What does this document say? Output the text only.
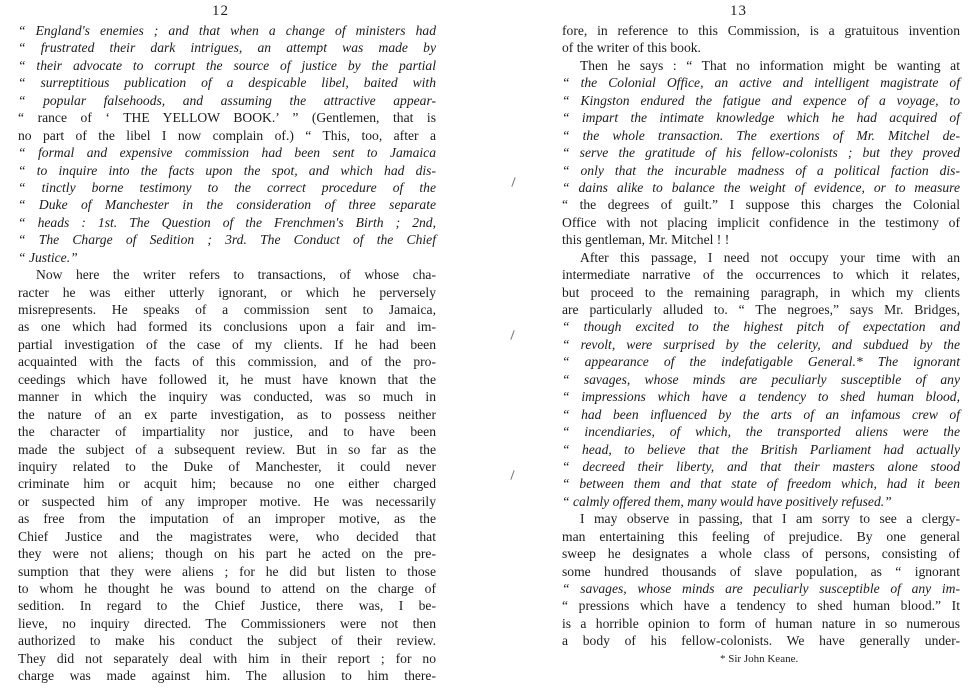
12
“ England's enemies ; and that when a change of ministers had
“ frustrated their dark intrigues, an attempt was made by
“ their advocate to corrupt the source of justice by the partial
“ surreptitious publication of a despicable libel, baited with
“ popular falsehoods, and assuming the attractive appear-
“ rance of ‘ THE YELLOW BOOK.’ ” (Gentlemen, that is
no part of the libel I now complain of.) “ This, too, after a
“ formal and expensive commission had been sent to Jamaica
“ to inquire into the facts upon the spot, and which had dis-
“ tinctly borne testimony to the correct procedure of the
“ Duke of Manchester in the consideration of three separate
“ heads : 1st. The Question of the Frenchmen's Birth ; 2nd,
“ The Charge of Sedition ; 3rd. The Conduct of the Chief
“ Justice.”
Now here the writer refers to transactions, of whose cha-
racter he was either utterly ignorant, or which he perversely
misrepresents. He speaks of a commission sent to Jamaica,
as one which had formed its conclusions upon a fair and im-
partial investigation of the case of my clients. If he had been
acquainted with the facts of this commission, and of the pro-
ceedings which have followed it, he must have known that the
manner in which the inquiry was conducted, was so much in
the nature of an ex parte investigation, as to possess neither
the character of impartiality nor justice, and to have been
made the subject of a subsequent review. But in so far as the
inquiry related to the Duke of Manchester, it could never
criminate him or acquit him; because no one either charged
or suspected him of any improper motive. He was necessarily
as free from the imputation of an improper motive, as the
Chief Justice and the magistrates were, who decided that
they were not aliens; though on his part he acted on the pre-
sumption that they were aliens ; for he did but listen to those
to whom he thought he was bound to attend on the charge of
sedition. In regard to the Chief Justice, there was, I be-
lieve, no inquiry directed. The Commissioners were not then
authorized to make his conduct the subject of their review.
They did not separately deal with him in their report ; for no
charge was made against him. The allusion to him there-
13
fore, in reference to this Commission, is a gratuitous invention
of the writer of this book.
Then he says : “ That no information might be wanting at
“ the Colonial Office, an active and intelligent magistrate of
“ Kingston endured the fatigue and expence of a voyage, to
“ impart the intimate knowledge which he had acquired of
“ the whole transaction. The exertions of Mr. Mitchel de-
“ serve the gratitude of his fellow-colonists ; but they proved
“ only that the incurable madness of a political faction dis-
“ dains alike to balance the weight of evidence, or to measure
“ the degrees of guilt.” I suppose this charges the Colonial
Office with not placing implicit confidence in the testimony of
this gentleman, Mr. Mitchel ! !
After this passage, I need not occupy your time with an
intermediate narrative of the occurrences to which it relates,
but proceed to the remaining paragraph, in which my clients
are particularly alluded to. “ The negroes,” says Mr. Bridges,
“ though excited to the highest pitch of expectation and
“ revolt, were surprised by the celerity, and subdued by the
“ appearance of the indefatigable General.* The ignorant
“ savages, whose minds are peculiarly susceptible of any
“ impressions which have a tendency to shed human blood,
“ had been influenced by the arts of an infamous crew of
“ incendiaries, of which, the transported aliens were the
“ head, to believe that the British Parliament had actually
“ decreed their liberty, and that their masters alone stood
“ between them and that state of freedom which, had it been
“ calmly offered them, many would have positively refused.”
I may observe in passing, that I am sorry to see a clergy-
man entertaining this feeling of prejudice. By one general
sweep he designates a whole class of persons, consisting of
some hundred thousands of slave population, as “ ignorant
“ savages, whose minds are peculiarly susceptible of any im-
“ pressions which have a tendency to shed human blood.” It
is a horrible opinion to form of human nature in so numerous
a body of his fellow-colonists. We have generally under-
* Sir John Keane.
